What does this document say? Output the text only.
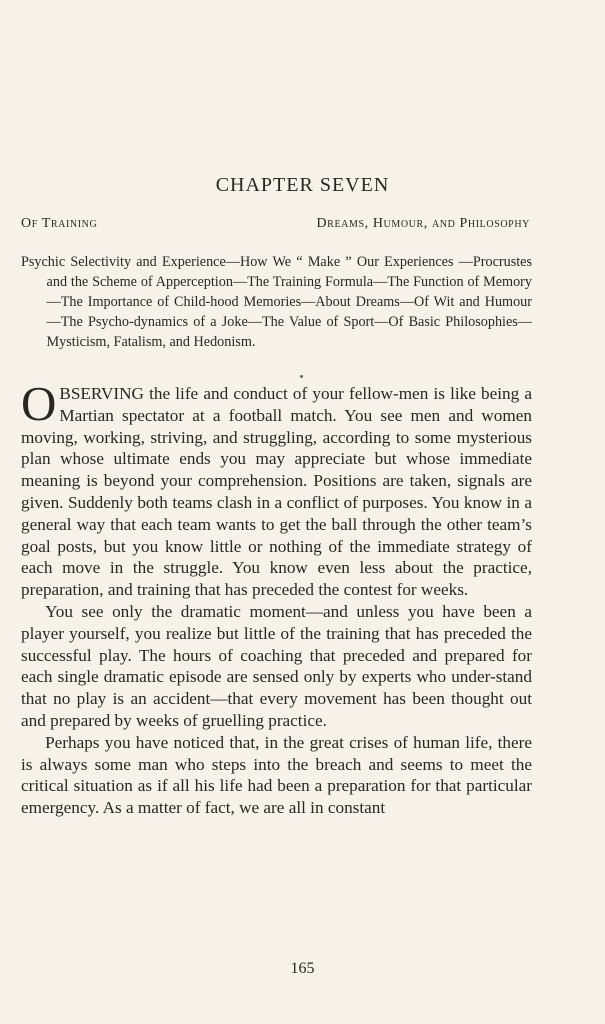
CHAPTER SEVEN
Of Training	Dreams, Humour, and Philosophy
Psychic Selectivity and Experience—How We “ Make ” Our Experiences —Procrustes and the Scheme of Apperception—The Training Formula—The Function of Memory—The Importance of Child-hood Memories—About Dreams—Of Wit and Humour—The Psycho-dynamics of a Joke—The Value of Sport—Of Basic Philosophies—Mysticism, Fatalism, and Hedonism.

OBSERVING the life and conduct of your fellow-men is like being a Martian spectator at a football match. You see men and women moving, working, striving, and struggling, according to some mysterious plan whose ultimate ends you may appreciate but whose immediate meaning is beyond your comprehension. Positions are taken, signals are given. Suddenly both teams clash in a conflict of purposes. You know in a general way that each team wants to get the ball through the other team’s goal posts, but you know little or nothing of the immediate strategy of each move in the struggle. You know even less about the practice, preparation, and training that has preceded the contest for weeks.

You see only the dramatic moment—and unless you have been a player yourself, you realize but little of the training that has preceded the successful play. The hours of coaching that preceded and prepared for each single dramatic episode are sensed only by experts who under-stand that no play is an accident—that every movement has been thought out and prepared by weeks of gruelling practice.

Perhaps you have noticed that, in the great crises of human life, there is always some man who steps into the breach and seems to meet the critical situation as if all his life had been a preparation for that particular emergency. As a matter of fact, we are all in constant

165
